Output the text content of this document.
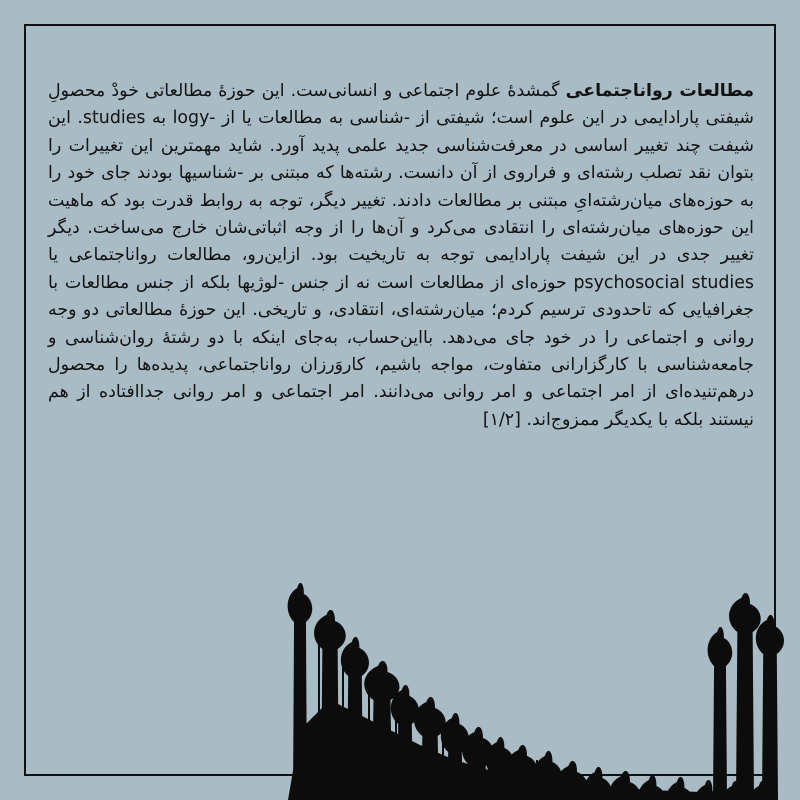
مطالعات رواناجتماعی گمشدهٔ علوم اجتماعی و انسانی‌ست. این حوزهٔ مطالعاتی خودْ محصولِ شیفتی پارادایمی در این علوم است؛ شیفتی از ‎-شناسی‎ به ‎مطالعات‎ یا از ‎logy-‎ به ‎studies‎. این شیفت چند تغییر اساسی در معرفت‌شناسی جدید علمی پدید آورد. شاید مهمترین این تغییرات را بتوان نقد تصلب رشته‌ای و فراروی از آن دانست. رشته‌ها که مبتنی بر ‎-شناسی‎ها بودند جای خود را به حوزه‌های میان‌رشته‌ایِ مبتنی بر مطالعات دادند. تغییر دیگر، توجه به روابط قدرت بود که ماهیت این حوزه‌های میان‌رشته‌ای را انتقادی می‌کرد و آن‌ها را از وجه اثباتی‌شان خارج می‌ساخت. دیگر تغییر جدی در این شیفت پارادایمی توجه به تاریخیت بود. ازاین‌رو، مطالعات رواناجتماعی یا ‎psychosocial studies‎ حوزه‌ای از مطالعات است نه از جنس ‎-لوژی‎ها بلکه از جنس مطالعات با جغرافیایی که تاحدودی ترسیم کردم؛ میان‌رشته‌ای، انتقادی، و تاریخی. این حوزهٔ مطالعاتی دو وجه روانی و اجتماعی را در خود جای می‌دهد. بااین‌حساب، به‌جای اینکه با دو رشتهٔ روان‌شناسی و جامعه‌شناسی با کارگزارانی متفاوت، مواجه باشیم، کاروَرزان رواناجتماعی، پدیده‌ها را محصول درهم‌تنیده‌ای از امر اجتماعی و امر روانی می‌دانند. امر اجتماعی و امر روانی جداافتاده از هم نیستند بلکه با یکدیگر ممزوج‌اند. [۱/۲]
